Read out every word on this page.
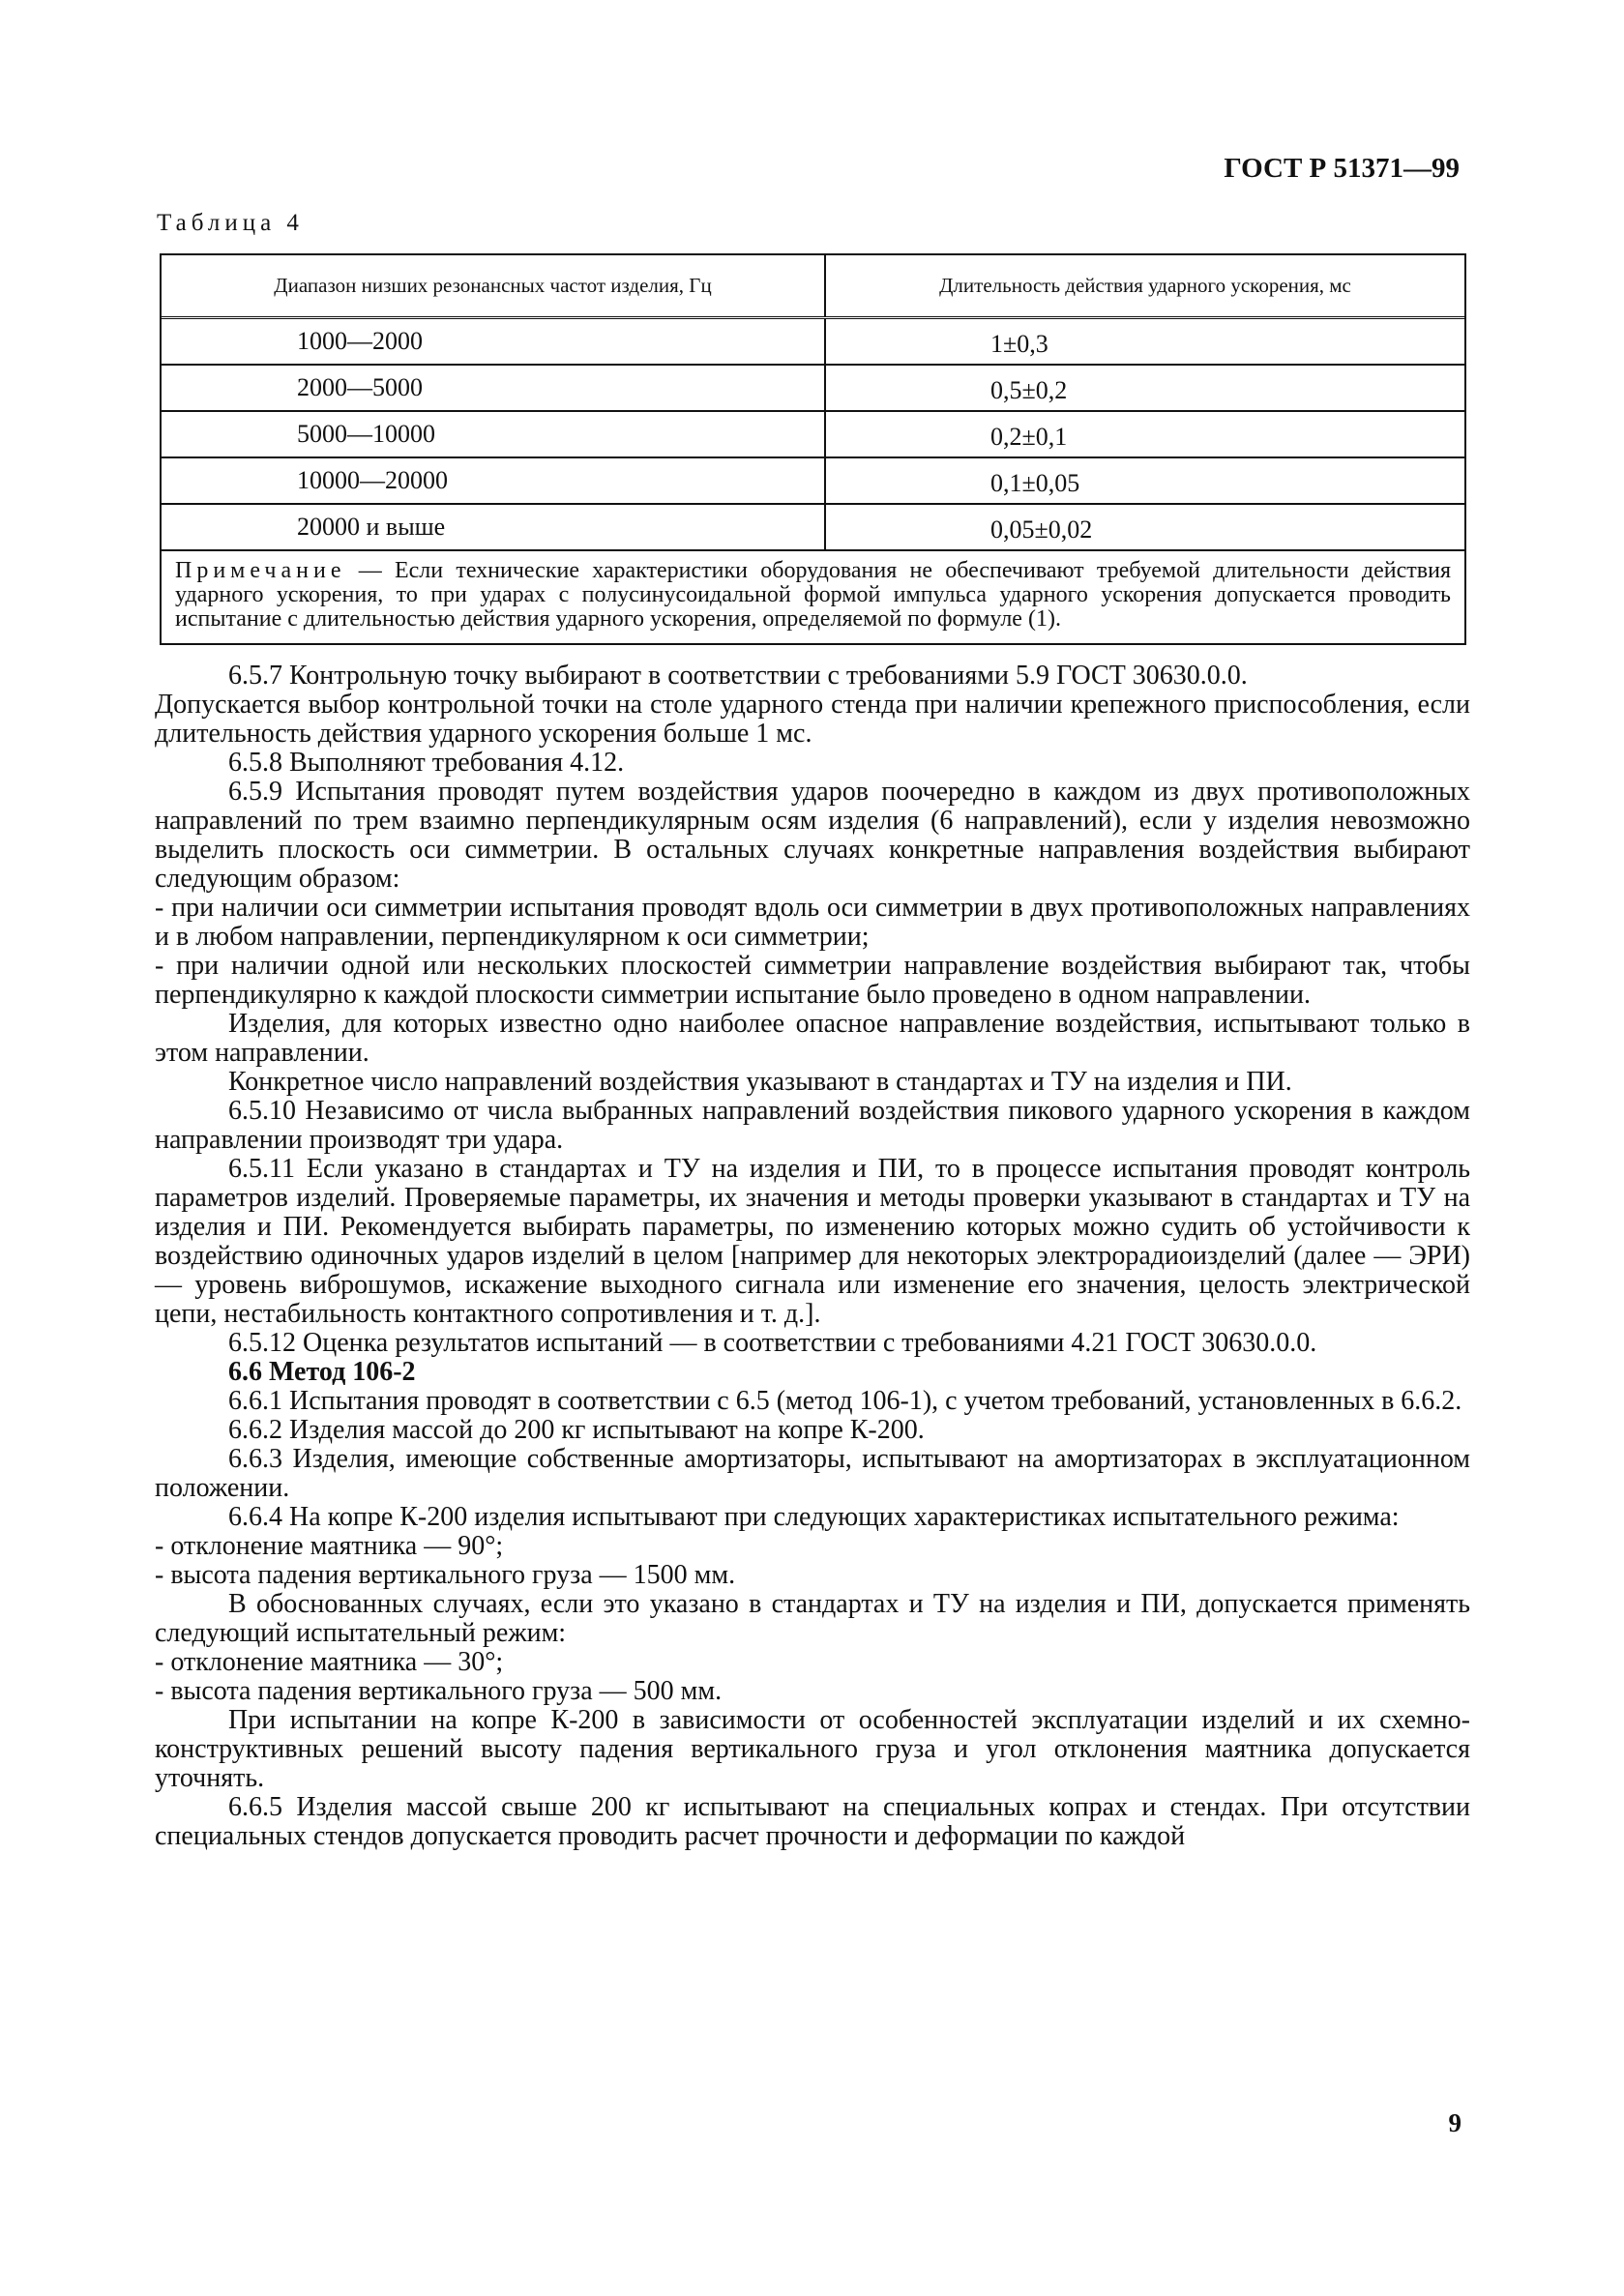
ГОСТ Р 51371—99
Таблица 4
Диапазон низших резонансных частот изделия, Гц	Длительность действия ударного ускорения, мс
1000—2000	1±0,3
2000—5000	0,5±0,2
5000—10000	0,2±0,1
10000—20000	0,1±0,05
20000 и выше	0,05±0,02
Примечание — Если технические характеристики оборудования не обеспечивают требуемой длительности действия ударного ускорения, то при ударах с полусинусоидальной формой импульса ударного ускорения допускается проводить испытание с длительностью действия ударного ускорения, определяемой по формуле (1).

6.5.7 Контрольную точку выбирают в соответствии с требованиями 5.9 ГОСТ 30630.0.0.

Допускается выбор контрольной точки на столе ударного стенда при наличии крепежного приспособления, если длительность действия ударного ускорения больше 1 мс.

6.5.8 Выполняют требования 4.12.

6.5.9 Испытания проводят путем воздействия ударов поочередно в каждом из двух противоположных направлений по трем взаимно перпендикулярным осям изделия (6 направлений), если у изделия невозможно выделить плоскость оси симметрии. В остальных случаях конкретные направления воздействия выбирают следующим образом:

- при наличии оси симметрии испытания проводят вдоль оси симметрии в двух противоположных направлениях и в любом направлении, перпендикулярном к оси симметрии;

- при наличии одной или нескольких плоскостей симметрии направление воздействия выбирают так, чтобы перпендикулярно к каждой плоскости симметрии испытание было проведено в одном направлении.

Изделия, для которых известно одно наиболее опасное направление воздействия, испытывают только в этом направлении.

Конкретное число направлений воздействия указывают в стандартах и ТУ на изделия и ПИ.

6.5.10 Независимо от числа выбранных направлений воздействия пикового ударного ускорения в каждом направлении производят три удара.

6.5.11 Если указано в стандартах и ТУ на изделия и ПИ, то в процессе испытания проводят контроль параметров изделий. Проверяемые параметры, их значения и методы проверки указывают в стандартах и ТУ на изделия и ПИ. Рекомендуется выбирать параметры, по изменению которых можно судить об устойчивости к воздействию одиночных ударов изделий в целом [например для некоторых электрорадиоизделий (далее — ЭРИ) — уровень виброшумов, искажение выходного сигнала или изменение его значения, целость электрической цепи, нестабильность контактного сопротивления и т. д.].

6.5.12 Оценка результатов испытаний — в соответствии с требованиями 4.21 ГОСТ 30630.0.0.

6.6 Метод 106-2

6.6.1 Испытания проводят в соответствии с 6.5 (метод 106-1), с учетом требований, установленных в 6.6.2.

6.6.2 Изделия массой до 200 кг испытывают на копре К-200.

6.6.3 Изделия, имеющие собственные амортизаторы, испытывают на амортизаторах в эксплуатационном положении.

6.6.4 На копре К-200 изделия испытывают при следующих характеристиках испытательного режима:

- отклонение маятника — 90°;

- высота падения вертикального груза — 1500 мм.

В обоснованных случаях, если это указано в стандартах и ТУ на изделия и ПИ, допускается применять следующий испытательный режим:

- отклонение маятника — 30°;

- высота падения вертикального груза — 500 мм.

При испытании на копре К-200 в зависимости от особенностей эксплуатации изделий и их схемно-конструктивных решений высоту падения вертикального груза и угол отклонения маятника допускается уточнять.

6.6.5 Изделия массой свыше 200 кг испытывают на специальных копрах и стендах. При отсутствии специальных стендов допускается проводить расчет прочности и деформации по каждой

9
